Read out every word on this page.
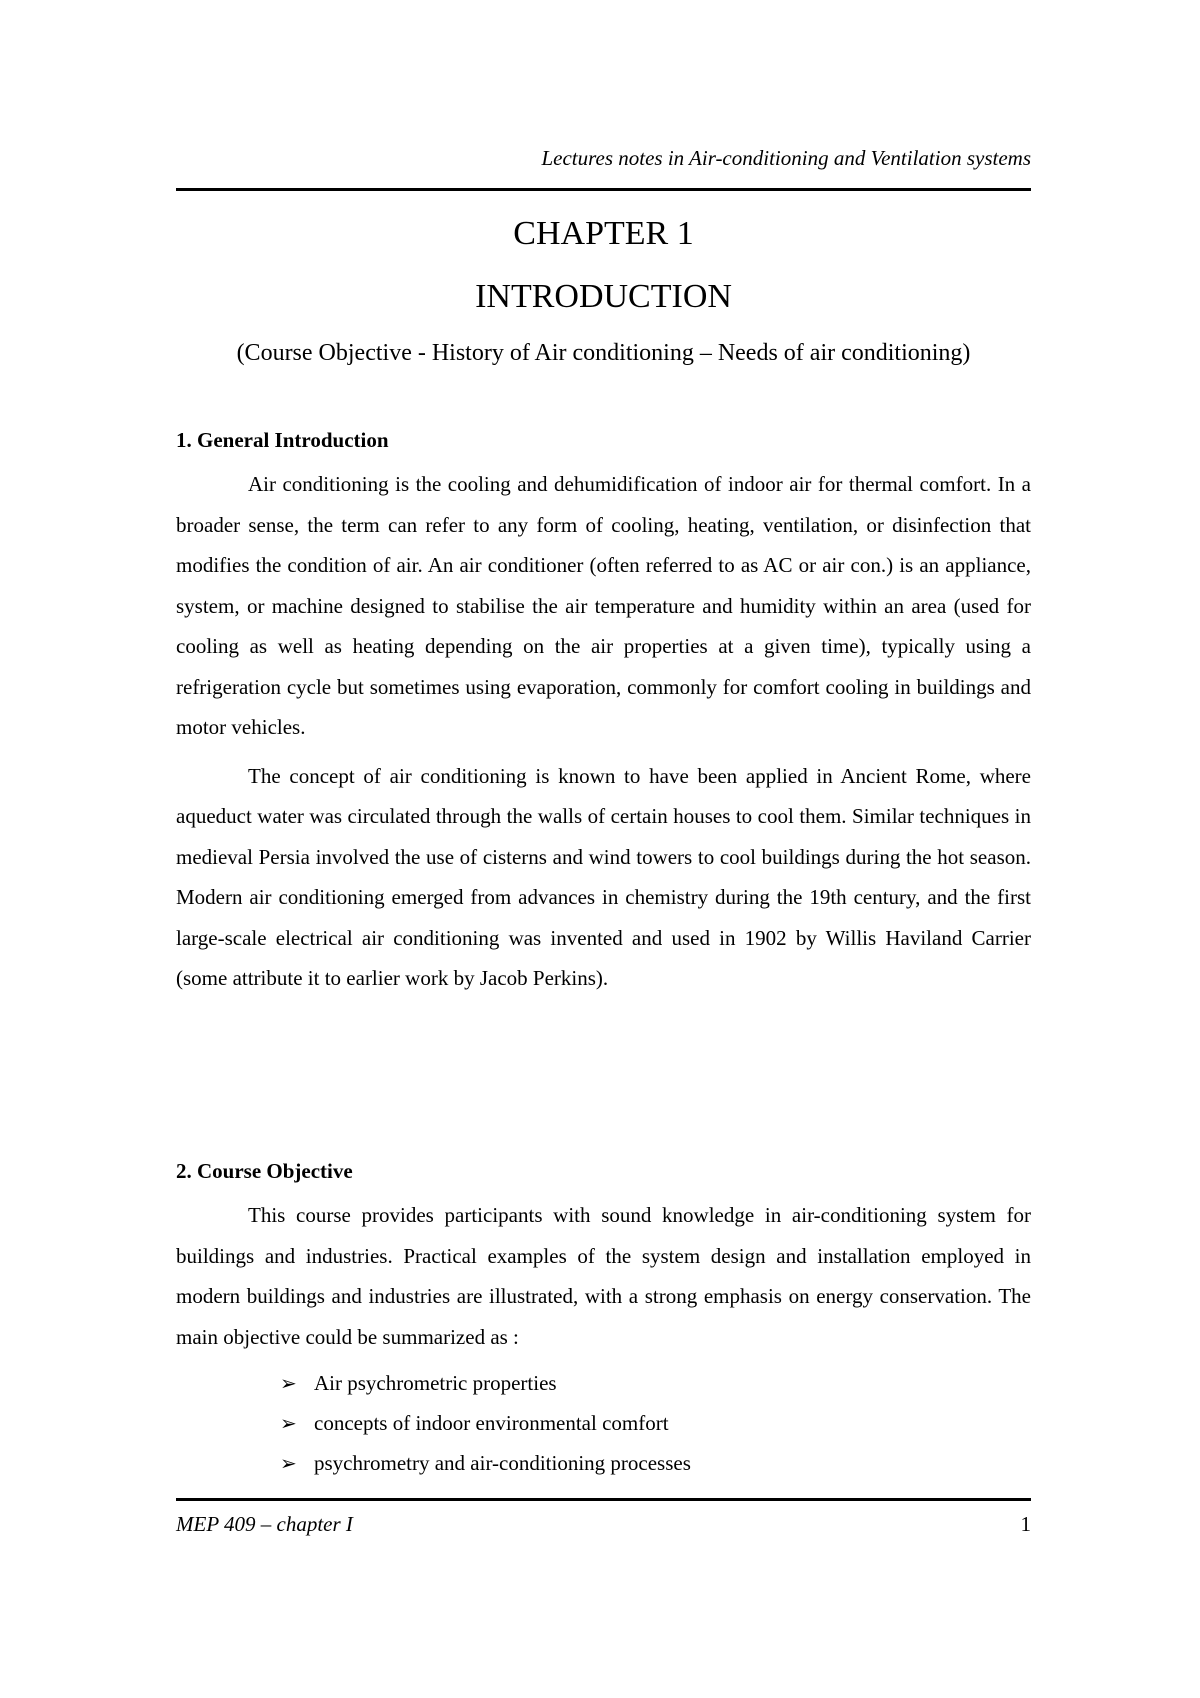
Lectures notes in Air-conditioning and Ventilation systems
CHAPTER 1
INTRODUCTION
(Course Objective - History of Air conditioning – Needs of air conditioning)
1. General Introduction

Air conditioning is the cooling and dehumidification of indoor air for thermal comfort. In a broader sense, the term can refer to any form of cooling, heating, ventilation, or disinfection that modifies the condition of air. An air conditioner (often referred to as AC or air con.) is an appliance, system, or machine designed to stabilise the air temperature and humidity within an area (used for cooling as well as heating depending on the air properties at a given time), typically using a refrigeration cycle but sometimes using evaporation, commonly for comfort cooling in buildings and motor vehicles.

The concept of air conditioning is known to have been applied in Ancient Rome, where aqueduct water was circulated through the walls of certain houses to cool them. Similar techniques in medieval Persia involved the use of cisterns and wind towers to cool buildings during the hot season. Modern air conditioning emerged from advances in chemistry during the 19th century, and the first large-scale electrical air conditioning was invented and used in 1902 by Willis Haviland Carrier (some attribute it to earlier work by Jacob Perkins).

2. Course Objective

This course provides participants with sound knowledge in air-conditioning system for buildings and industries. Practical examples of the system design and installation employed in modern buildings and industries are illustrated, with a strong emphasis on energy conservation. The main objective could be summarized as :

➢ Air psychrometric properties
➢ concepts of indoor environmental comfort
➢ psychrometry and air-conditioning processes
MEP 409 – chapter I	1
